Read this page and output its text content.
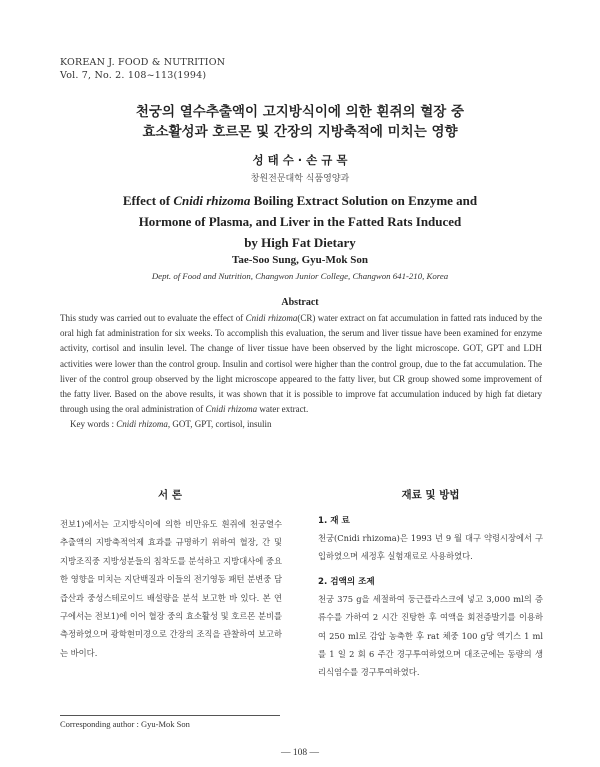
KOREAN J. FOOD & NUTRITION
Vol. 7, No. 2. 108~113(1994)
천궁의 열수추출액이 고지방식이에 의한 흰쥐의 혈장 중
효소활성과 호르몬 및 간장의 지방축적에 미치는 영향
성 태 수 · 손 규 목
창원전문대학 식품영양과
Effect of Cnidi rhizoma Boiling Extract Solution on Enzyme and
Hormone of Plasma, and Liver in the Fatted Rats Induced
by High Fat Dietary
Tae-Soo Sung, Gyu-Mok Son
Dept. of Food and Nutrition, Changwon Junior College, Changwon 641-210, Korea
Abstract

This study was carried out to evaluate the effect of Cnidi rhizoma(CR) water extract on fat accumulation in fatted rats induced by the oral high fat administration for six weeks. To accomplish this evaluation, the serum and liver tissue have been examined for enzyme activity, cortisol and insulin level. The change of liver tissue have been observed by the light microscope. GOT, GPT and LDH activities were lower than the control group. Insulin and cortisol were higher than the control group, due to the fat accumulation. The liver of the control group observed by the light microscope appeared to the fatty liver, but CR group showed some improvement of the fatty liver. Based on the above results, it was shown that it is possible to improve fat accumulation induced by high fat dietary through using the oral administration of Cnidi rhizoma water extract.

Key words : Cnidi rhizoma, GOT, GPT, cortisol, insulin

서 론

전보1)에서는 고지방식이에 의한 비만유도 흰쥐에 천궁열수 추출액의 지방축적억제 효과를 규명하기 위하여 혈장, 간 및 지방조직중 지방성분들의 침착도를 분석하고 지방대사에 중요한 영향을 미치는 지단백질과 이들의 전기영동 패턴 분변중 담즙산과 중성스테로이드 배설량을 분석 보고한 바 있다. 본 연구에서는 전보1)에 이어 혈장 중의 효소활성 및 호르몬 분비를 측정하였으며 광학현미경으로 간장의 조직을 관찰하여 보고하는 바이다.

재료 및 방법
1. 재 료

천궁(Cnidi rhizoma)은 1993 년 9 월 대구 약령시장에서 구입하였으며 세정후 실험재료로 사용하였다.

2. 검액의 조제

천궁 375 g을 세절하여 둥근플라스크에 넣고 3,000 ml의 증류수를 가하여 2 시간 진탕한 후 여액을 회전증발기를 이용하여 250 ml로 감압 농축한 후 rat 체중 100 g당 엑기스 1 ml를 1 일 2 회 6 주간 경구투여하였으며 대조군에는 동량의 생리식염수를 경구투여하였다.

Corresponding author : Gyu-Mok Son
— 108 —
